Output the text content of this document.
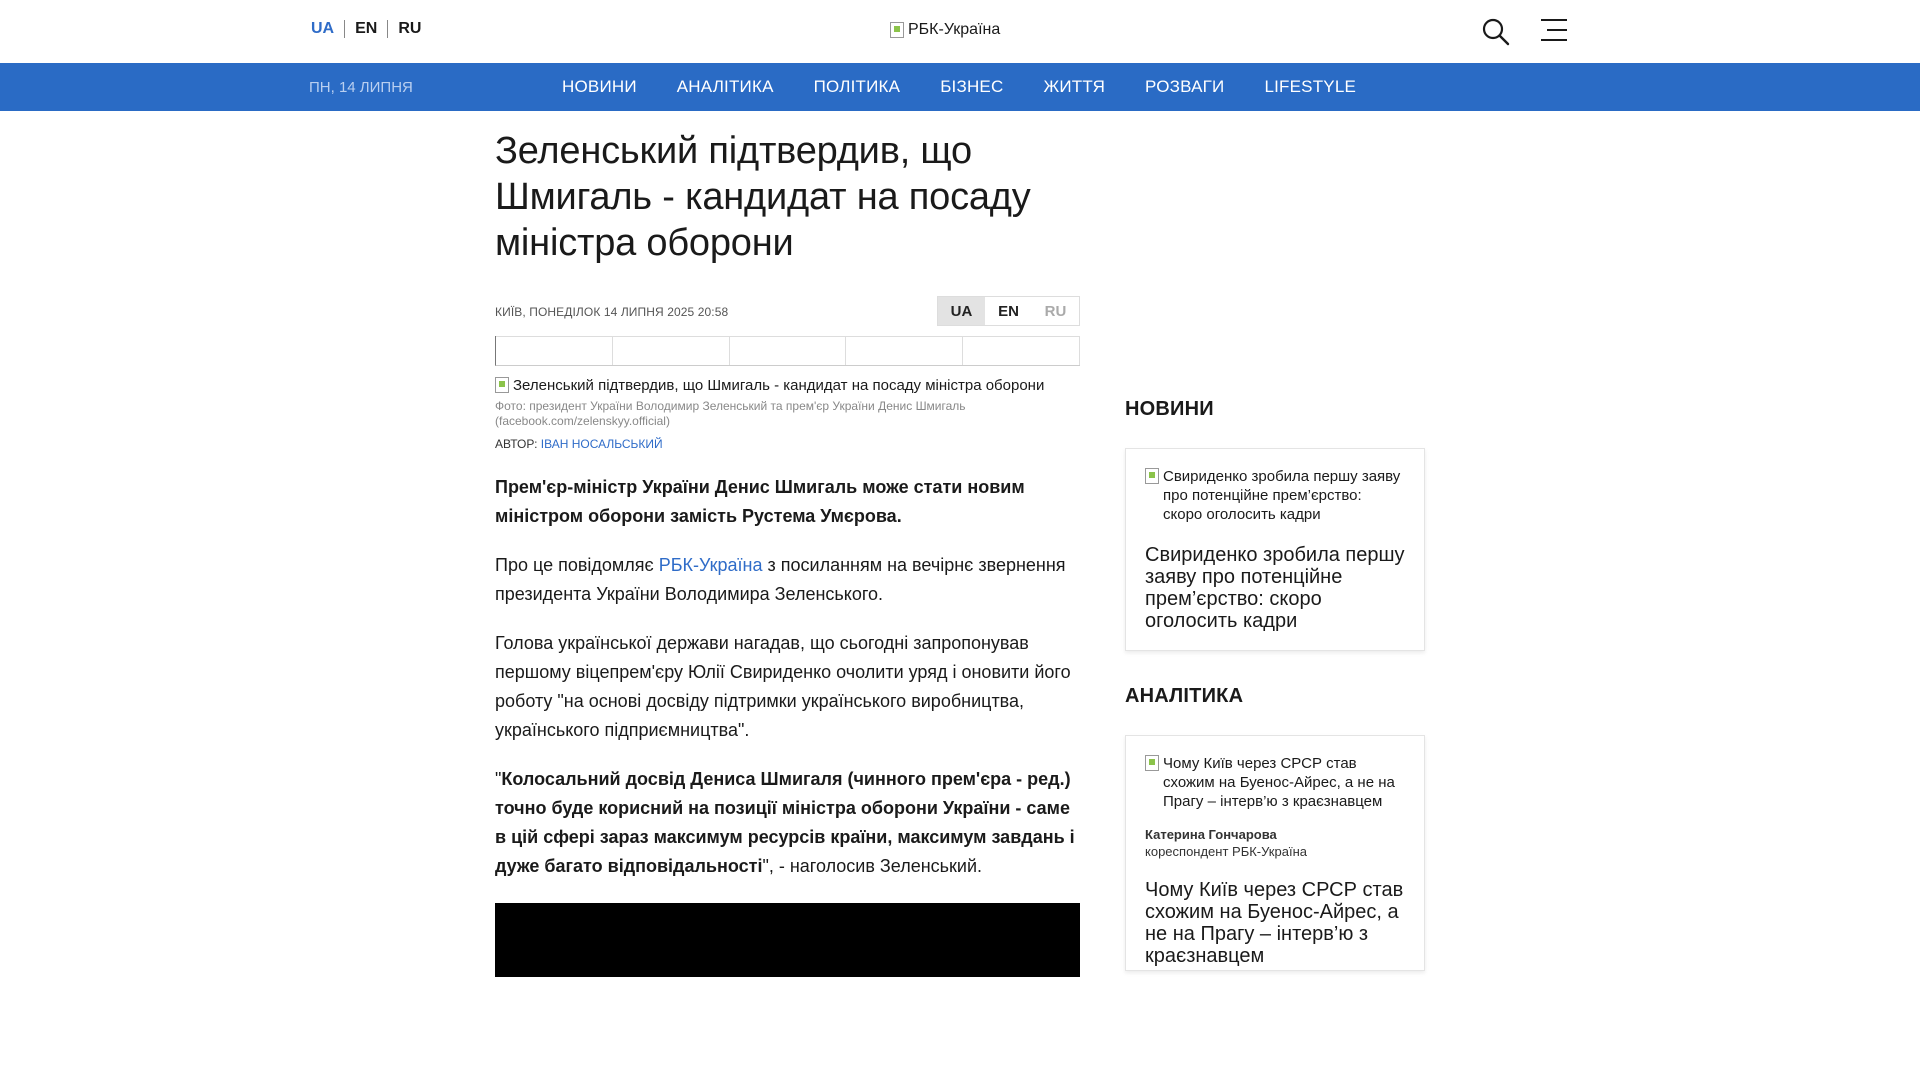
UA EN RU	РБК-Україна
ПН, 14 ЛИПНЯ	НОВИНИ АНАЛІТИКА ПОЛІТИКА БІЗНЕС ЖИТТЯ РОЗВАГИ LIFESTYLE
Зеленський підтвердив, що Шмигаль - кандидат на посаду міністра оборони
КИЇВ, ПОНЕДІЛОК 14 ЛИПНЯ 2025 20:58	UA	EN	RU
Зеленський підтвердив, що Шмигаль - кандидат на посаду міністра оборони
Фото: президент України Володимир Зеленський та прем'єр України Денис Шмигаль (facebook.com/zelenskyy.official)
АВТОР: ІВАН НОСАЛЬСЬКИЙ

Прем'єр-міністр України Денис Шмигаль може стати новим міністром оборони замість Рустема Умєрова.

Про це повідомляє РБК-Україна з посиланням на вечірнє звернення президента України Володимира Зеленського.

Голова української держави нагадав, що сьогодні запропонував першому віцепрем'єру Юлії Свириденко очолити уряд і оновити його роботу "на основі досвіду підтримки українського виробництва, українського підприємництва".

"Колосальний досвід Дениса Шмигаля (чинного прем'єра - ред.) точно буде корисний на позиції міністра оборони України - саме в цій сфері зараз максимум ресурсів країни, максимум завдань і дуже багато відповідальності", - наголосив Зеленський.

НОВИНИ
Свириденко зробила першу заяву про потенційне прем’єрство: скоро оголосить кадри
Свириденко зробила першу заяву про потенційне прем’єрство: скоро оголосить кадри
АНАЛІТИКА
Чому Київ через СРСР став схожим на Буенос-Айрес, а не на Прагу – інтерв’ю з краєзнавцем
Катерина Гончарова
кореспондент РБК-Україна
Чому Київ через СРСР став схожим на Буенос-Айрес, а не на Прагу – інтерв’ю з краєзнавцем
